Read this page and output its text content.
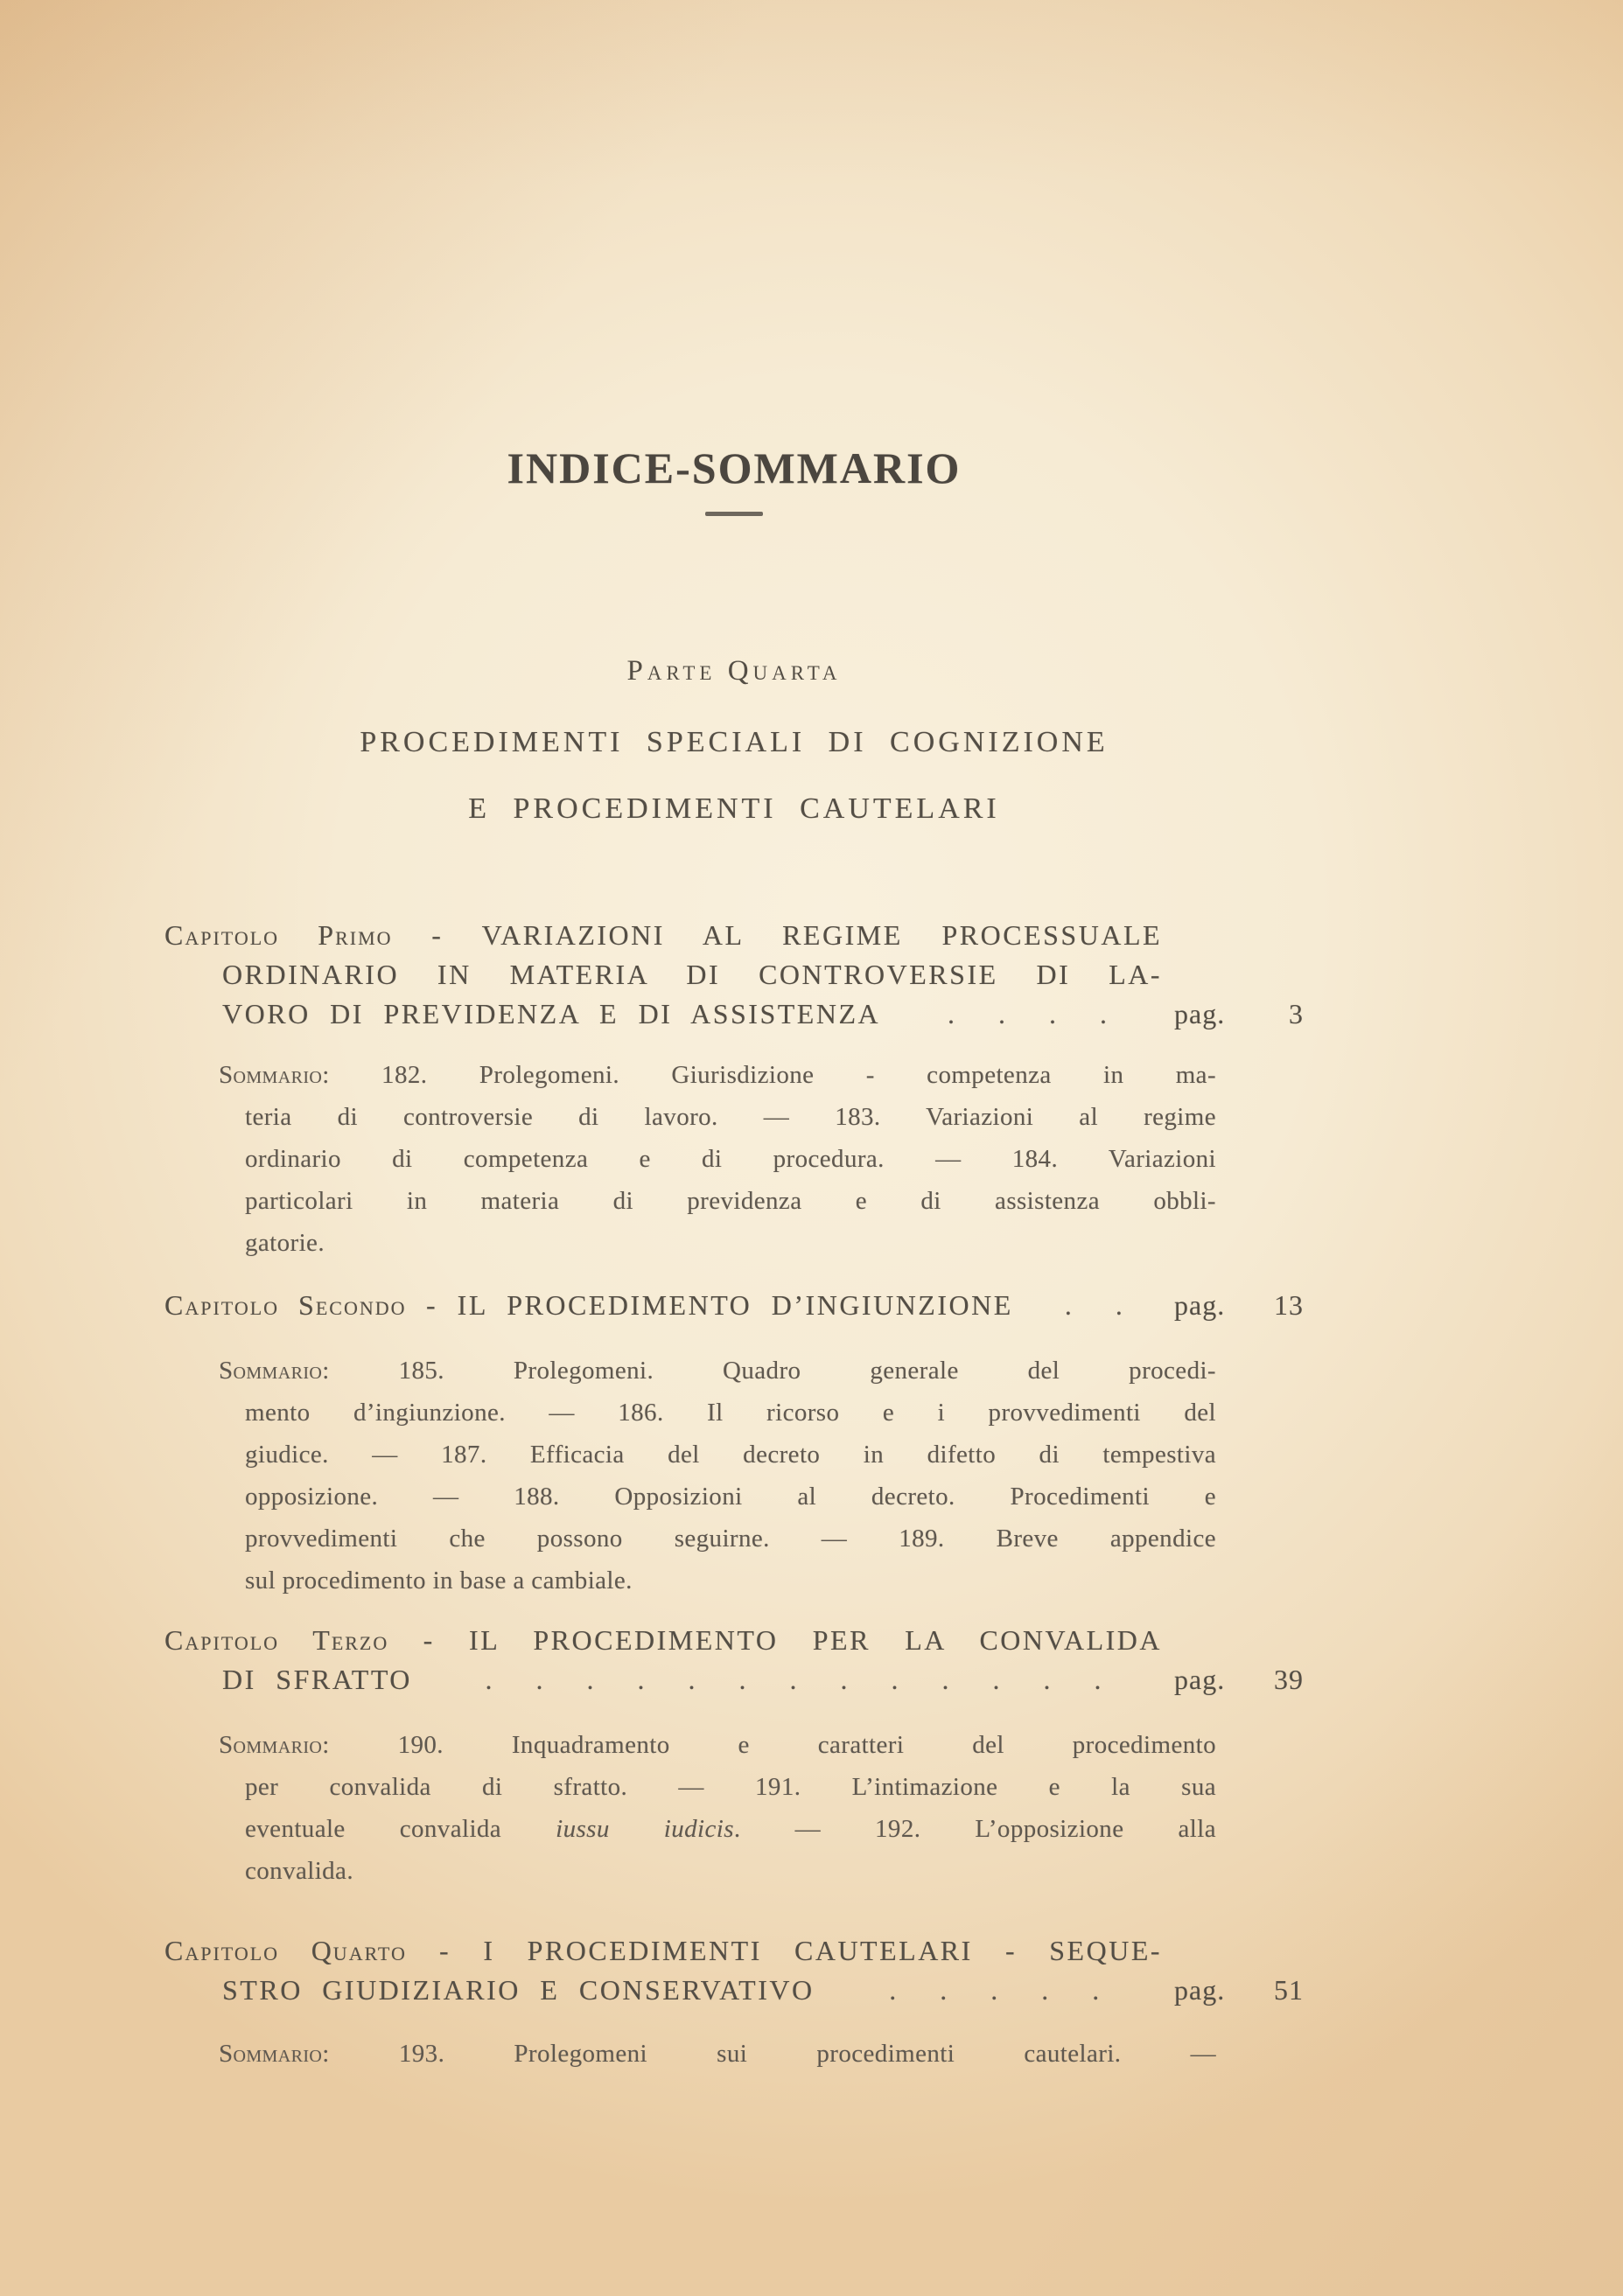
INDICE-SOMMARIO
Parte Quarta
PROCEDIMENTI SPECIALI DI COGNIZIONE
E PROCEDIMENTI CAUTELARI
Capitolo Primo - VARIAZIONI AL REGIME PROCESSUALE
ORDINARIO IN MATERIA DI CONTROVERSIE DI LA-
VORO DI PREVIDENZA E DI ASSISTENZA	. . . .	pag.	3
Sommario: 182. Prolegomeni. Giurisdizione - competenza in ma-
teria di controversie di lavoro. — 183. Variazioni al regime
ordinario di competenza e di procedura. — 184. Variazioni
particolari in materia di previdenza e di assistenza obbli-
gatorie.
Capitolo Secondo - IL PROCEDIMENTO D’INGIUNZIONE	. .	pag.	13
Sommario:	185. Prolegomeni. Quadro generale del procedi-
mento d’ingiunzione. — 186. Il ricorso e i provvedimenti del
giudice. — 187. Efficacia del decreto in difetto di tempestiva
opposizione. — 188. Opposizioni al decreto. Procedimenti e
provvedimenti che possono seguirne. — 189. Breve appendice
sul procedimento in base a cambiale.
Capitolo Terzo - IL PROCEDIMENTO PER LA CONVALIDA
DI SFRATTO	. . . . . . . . . . . . .	pag.	39
Sommario:	190. Inquadramento e caratteri del procedimento
per convalida di sfratto. — 191. L’intimazione e la sua
eventuale convalida iussu iudicis. — 192. L’opposizione alla
convalida.
Capitolo Quarto - I PROCEDIMENTI CAUTELARI - SEQUE-
STRO GIUDIZIARIO E CONSERVATIVO	. . . . .	pag.	51
Sommario:	193. Prolegomeni sui procedimenti cautelari. —
